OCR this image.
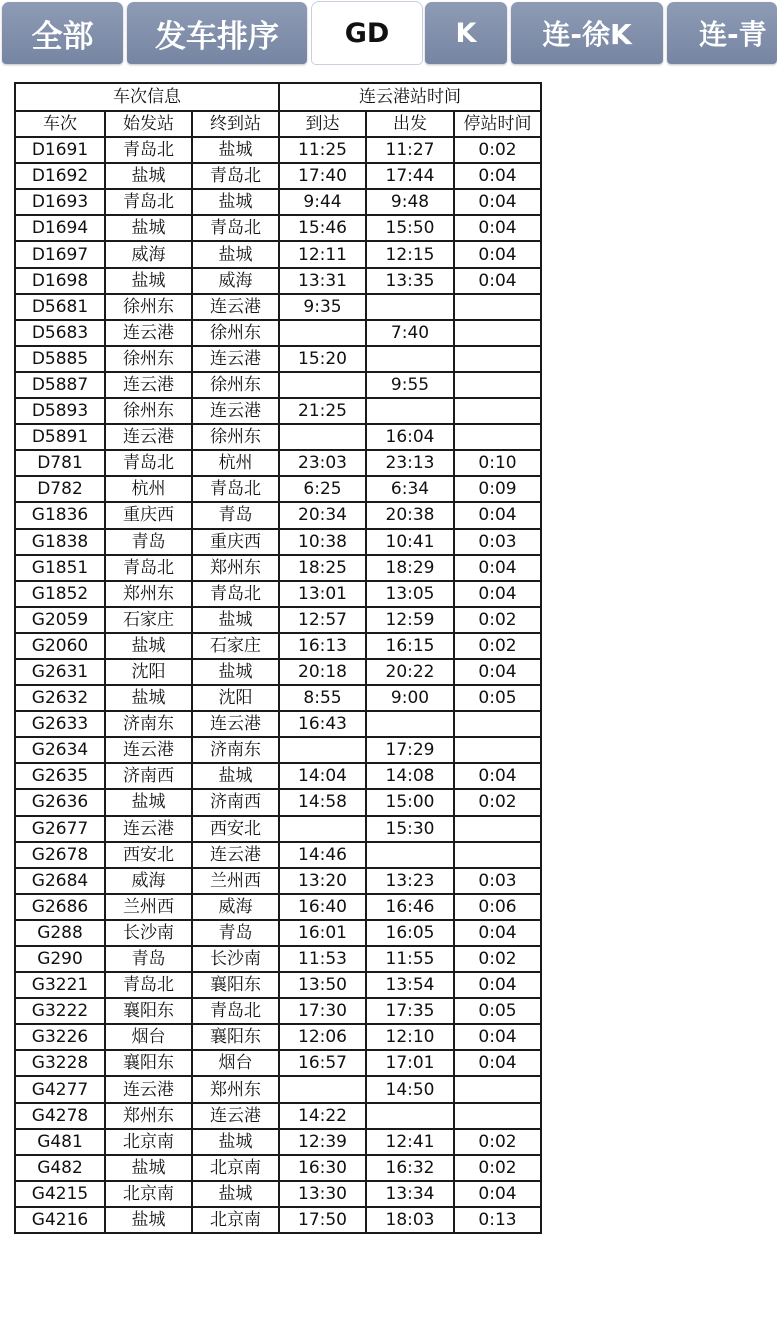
全部	发车排序	GD	K	连-徐K	连-青
车次信息			连云港站时间		
车次	始发站	终到站	到达	出发	停站时间
D1691	青岛北	盐城	11:25	11:27	0:02
D1692	盐城	青岛北	17:40	17:44	0:04
D1693	青岛北	盐城	9:44	9:48	0:04
D1694	盐城	青岛北	15:46	15:50	0:04
D1697	威海	盐城	12:11	12:15	0:04
D1698	盐城	威海	13:31	13:35	0:04
D5681	徐州东	连云港	9:35		
D5683	连云港	徐州东		7:40	
D5885	徐州东	连云港	15:20		
D5887	连云港	徐州东		9:55	
D5893	徐州东	连云港	21:25		
D5891	连云港	徐州东		16:04	
D781	青岛北	杭州	23:03	23:13	0:10
D782	杭州	青岛北	6:25	6:34	0:09
G1836	重庆西	青岛	20:34	20:38	0:04
G1838	青岛	重庆西	10:38	10:41	0:03
G1851	青岛北	郑州东	18:25	18:29	0:04
G1852	郑州东	青岛北	13:01	13:05	0:04
G2059	石家庄	盐城	12:57	12:59	0:02
G2060	盐城	石家庄	16:13	16:15	0:02
G2631	沈阳	盐城	20:18	20:22	0:04
G2632	盐城	沈阳	8:55	9:00	0:05
G2633	济南东	连云港	16:43		
G2634	连云港	济南东		17:29	
G2635	济南西	盐城	14:04	14:08	0:04
G2636	盐城	济南西	14:58	15:00	0:02
G2677	连云港	西安北		15:30	
G2678	西安北	连云港	14:46		
G2684	威海	兰州西	13:20	13:23	0:03
G2686	兰州西	威海	16:40	16:46	0:06
G288	长沙南	青岛	16:01	16:05	0:04
G290	青岛	长沙南	11:53	11:55	0:02
G3221	青岛北	襄阳东	13:50	13:54	0:04
G3222	襄阳东	青岛北	17:30	17:35	0:05
G3226	烟台	襄阳东	12:06	12:10	0:04
G3228	襄阳东	烟台	16:57	17:01	0:04
G4277	连云港	郑州东		14:50	
G4278	郑州东	连云港	14:22		
G481	北京南	盐城	12:39	12:41	0:02
G482	盐城	北京南	16:30	16:32	0:02
G4215	北京南	盐城	13:30	13:34	0:04
G4216	盐城	北京南	17:50	18:03	0:13
